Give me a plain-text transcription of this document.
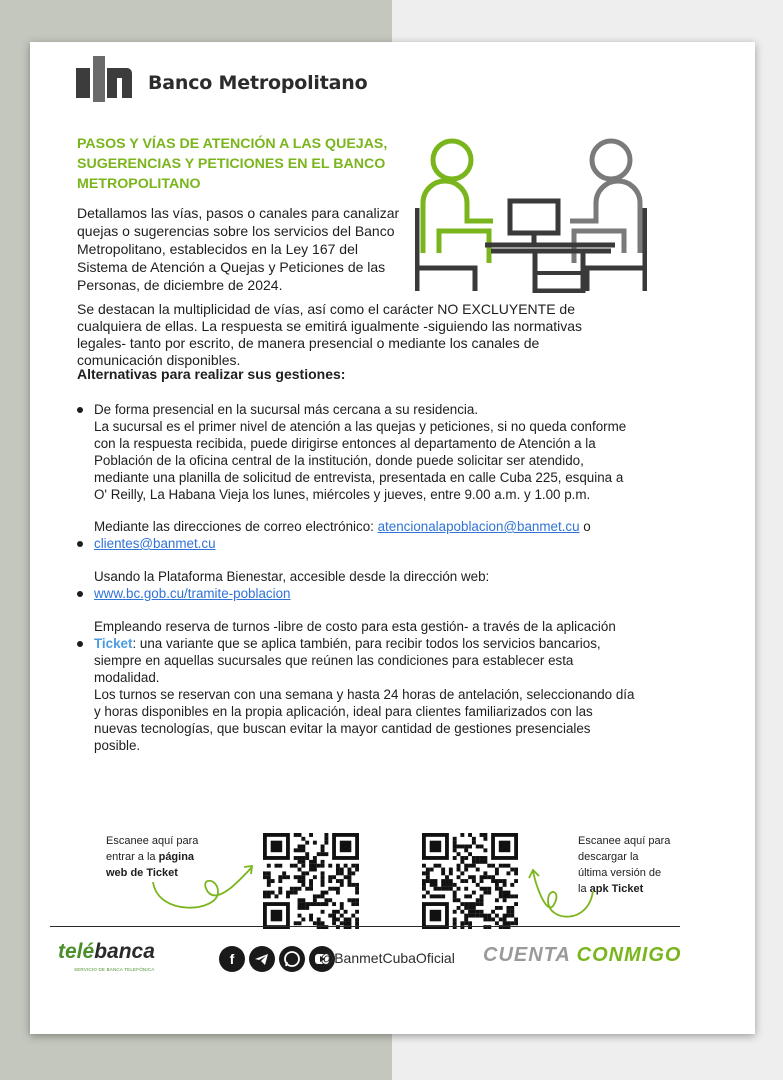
Banco Metropolitano
PASOS Y VÍAS DE ATENCIÓN A LAS QUEJAS, SUGERENCIAS Y PETICIONES EN EL BANCO METROPOLITANO
Detallamos las vías, pasos o canales para canalizar quejas o sugerencias sobre los servicios del Banco Metropolitano, establecidos en la Ley 167 del Sistema de Atención a Quejas y Peticiones de las Personas, de diciembre de 2024.
Se destacan la multiplicidad de vías, así como el carácter NO EXCLUYENTE de cualquiera de ellas. La respuesta se emitirá igualmente -siguiendo las normativas legales- tanto por escrito, de manera presencial o mediante los canales de comunicación disponibles.
Alternativas para realizar sus gestiones:
De forma presencial en la sucursal más cercana a su residencia.
La sucursal es el primer nivel de atención a las quejas y peticiones, si no queda conforme con la respuesta recibida, puede dirigirse entonces al departamento de Atención a la Población de la oficina central de la institución, donde puede solicitar ser atendido, mediante una planilla de solicitud de entrevista, presentada en calle Cuba 225, esquina a O' Reilly, La Habana Vieja los lunes, miércoles y jueves, entre 9.00 a.m. y 1.00 p.m.
Mediante las direcciones de correo electrónico: atencionalapoblacion@banmet.cu o
clientes@banmet.cu
Usando la Plataforma Bienestar, accesible desde la dirección web:
www.bc.gob.cu/tramite-poblacion
Empleando reserva de turnos -libre de costo para esta gestión- a través de la aplicación
Ticket: una variante que se aplica también, para recibir todos los servicios bancarios, siempre en aquellas sucursales que reúnen las condiciones para establecer esta modalidad.
Los turnos se reservan con una semana y hasta 24 horas de antelación, seleccionando día y horas disponibles en la propia aplicación, ideal para clientes familiarizados con las nuevas tecnologías, que buscan evitar la mayor cantidad de gestiones presenciales posible.
Escanee aquí para
entrar a la página
web de Ticket
Escanee aquí para
descargar la
última versión de
la apk Ticket
telébanca
SERVICIO DE BANCA TELEFÓNICA
f	@BanmetCubaOficial CUENTA CONMIGO
